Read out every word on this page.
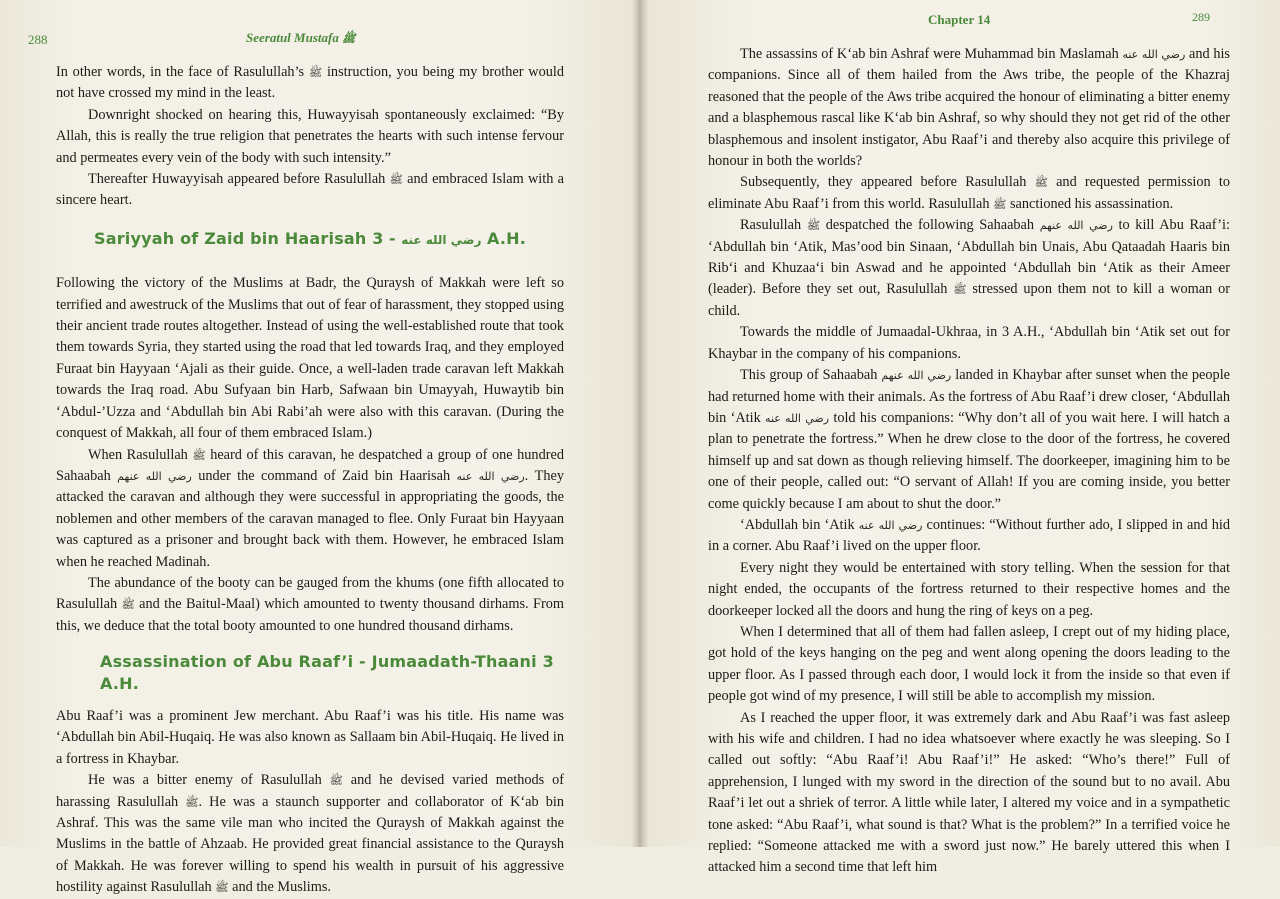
288	Seeratul Mustafa ﷺ

In other words, in the face of Rasulullah’s ﷺ instruction, you being my brother would not have crossed my mind in the least.

Downright shocked on hearing this, Huwayyisah spontaneously exclaimed: “By Allah, this is really the true religion that penetrates the hearts with such intense fervour and permeates every vein of the body with such intensity.”

Thereafter Huwayyisah appeared before Rasulullah ﷺ and embraced Islam with a sincere heart.

Sariyyah of Zaid bin Haarisah رضي الله عنه - 3 A.H.

Following the victory of the Muslims at Badr, the Quraysh of Makkah were left so terrified and awestruck of the Muslims that out of fear of harassment, they stopped using their ancient trade routes altogether. Instead of using the well-established route that took them towards Syria, they started using the road that led towards Iraq, and they employed Furaat bin Hayyaan ‘Ajali as their guide. Once, a well-laden trade caravan left Makkah towards the Iraq road. Abu Sufyaan bin Harb, Safwaan bin Umayyah, Huwaytib bin ‘Abdul-’Uzza and ‘Abdullah bin Abi Rabi’ah were also with this caravan. (During the conquest of Makkah, all four of them embraced Islam.)

When Rasulullah ﷺ heard of this caravan, he despatched a group of one hundred Sahaabah رضي الله عنهم under the command of Zaid bin Haarisah رضي الله عنه. They attacked the caravan and although they were successful in appropriating the goods, the noblemen and other members of the caravan managed to flee. Only Furaat bin Hayyaan was captured as a prisoner and brought back with them. However, he embraced Islam when he reached Madinah.

The abundance of the booty can be gauged from the khums (one fifth allocated to Rasulullah ﷺ and the Baitul-Maal) which amounted to twenty thousand dirhams. From this, we deduce that the total booty amounted to one hundred thousand dirhams.

Assassination of Abu Raaf’i - Jumaadath-Thaani 3 A.H.

Abu Raaf’i was a prominent Jew merchant. Abu Raaf’i was his title. His name was ‘Abdullah bin Abil-Huqaiq. He was also known as Sallaam bin Abil-Huqaiq. He lived in a fortress in Khaybar.

He was a bitter enemy of Rasulullah ﷺ and he devised varied methods of harassing Rasulullah ﷺ. He was a staunch supporter and collaborator of K‘ab bin Ashraf. This was the same vile man who incited the Quraysh of Makkah against the Muslims in the battle of Ahzaab. He provided great financial assistance to the Quraysh of Makkah. He was forever willing to spend his wealth in pursuit of his aggressive hostility against Rasulullah ﷺ and the Muslims.

Chapter 14	289

The assassins of K‘ab bin Ashraf were Muhammad bin Maslamah رضي الله عنه and his companions. Since all of them hailed from the Aws tribe, the people of the Khazraj reasoned that the people of the Aws tribe acquired the honour of eliminating a bitter enemy and a blasphemous rascal like K‘ab bin Ashraf, so why should they not get rid of the other blasphemous and insolent instigator, Abu Raaf’i and thereby also acquire this privilege of honour in both the worlds?

Subsequently, they appeared before Rasulullah ﷺ and requested permission to eliminate Abu Raaf’i from this world. Rasulullah ﷺ sanctioned his assassination.

Rasulullah ﷺ despatched the following Sahaabah رضي الله عنهم to kill Abu Raaf’i: ‘Abdullah bin ‘Atik, Mas’ood bin Sinaan, ‘Abdullah bin Unais, Abu Qataadah Haaris bin Rib‘i and Khuzaa‘i bin Aswad and he appointed ‘Abdullah bin ‘Atik as their Ameer (leader). Before they set out, Rasulullah ﷺ stressed upon them not to kill a woman or child.

Towards the middle of Jumaadal-Ukhraa, in 3 A.H., ‘Abdullah bin ‘Atik set out for Khaybar in the company of his companions.

This group of Sahaabah رضي الله عنهم landed in Khaybar after sunset when the people had returned home with their animals. As the fortress of Abu Raaf’i drew closer, ‘Abdullah bin ‘Atik رضي الله عنه told his companions: “Why don’t all of you wait here. I will hatch a plan to penetrate the fortress.” When he drew close to the door of the fortress, he covered himself up and sat down as though relieving himself. The doorkeeper, imagining him to be one of their people, called out: “O servant of Allah! If you are coming inside, you better come quickly because I am about to shut the door.”

‘Abdullah bin ‘Atik رضي الله عنه continues: “Without further ado, I slipped in and hid in a corner. Abu Raaf’i lived on the upper floor.

Every night they would be entertained with story telling. When the session for that night ended, the occupants of the fortress returned to their respective homes and the doorkeeper locked all the doors and hung the ring of keys on a peg.

When I determined that all of them had fallen asleep, I crept out of my hiding place, got hold of the keys hanging on the peg and went along opening the doors leading to the upper floor. As I passed through each door, I would lock it from the inside so that even if people got wind of my presence, I will still be able to accomplish my mission.

As I reached the upper floor, it was extremely dark and Abu Raaf’i was fast asleep with his wife and children. I had no idea whatsoever where exactly he was sleeping. So I called out softly: “Abu Raaf’i! Abu Raaf’i!” He asked: “Who’s there!” Full of apprehension, I lunged with my sword in the direction of the sound but to no avail. Abu Raaf’i let out a shriek of terror. A little while later, I altered my voice and in a sympathetic tone asked: “Abu Raaf’i, what sound is that? What is the problem?” In a terrified voice he replied: “Someone attacked me with a sword just now.” He barely uttered this when I attacked him a second time that left him
